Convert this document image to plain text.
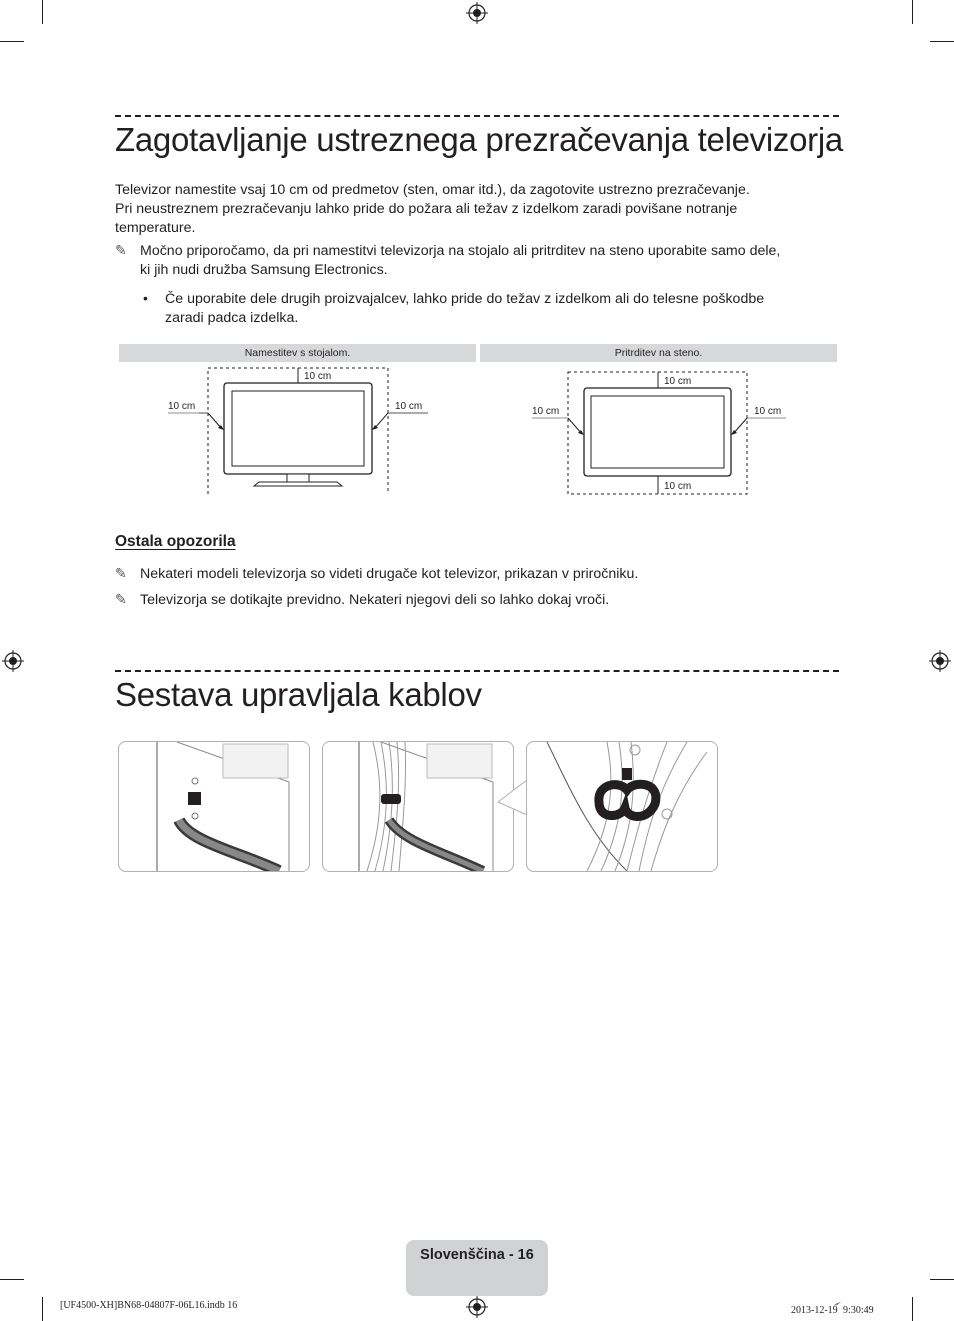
Zagotavljanje ustreznega prezračevanja televizorja

Televizor namestite vsaj 10 cm od predmetov (sten, omar itd.), da zagotovite ustrezno prezračevanje.

Pri neustreznem prezračevanju lahko pride do požara ali težav z izdelkom zaradi povišane notranje

temperature.

✎ Močno priporočamo, da pri namestitvi televizorja na stojalo ali pritrditev na steno uporabite samo dele,

ki jih nudi družba Samsung Electronics.

• Če uporabite dele drugih proizvajalcev, lahko pride do težav z izdelkom ali do telesne poškodbe

zaradi padca izdelka.

Namestitev s stojalom.	Pritrditev na steno.
10 cm
10 cm	10 cm
10 cm
10 cm	10 cm
10 cm
Ostala opozorila
✎ Nekateri modeli televizorja so videti drugače kot televizor, prikazan v priročniku.

✎ Televizorja se dotikajte previdno. Nekateri njegovi deli so lahko dokaj vroči.

Sestava upravljala kablov
Slovenščina - 16
[UF4500-XH]BN68-04807F-06L16.indb 16	2013-12-19 ꪸ 9:30:49
